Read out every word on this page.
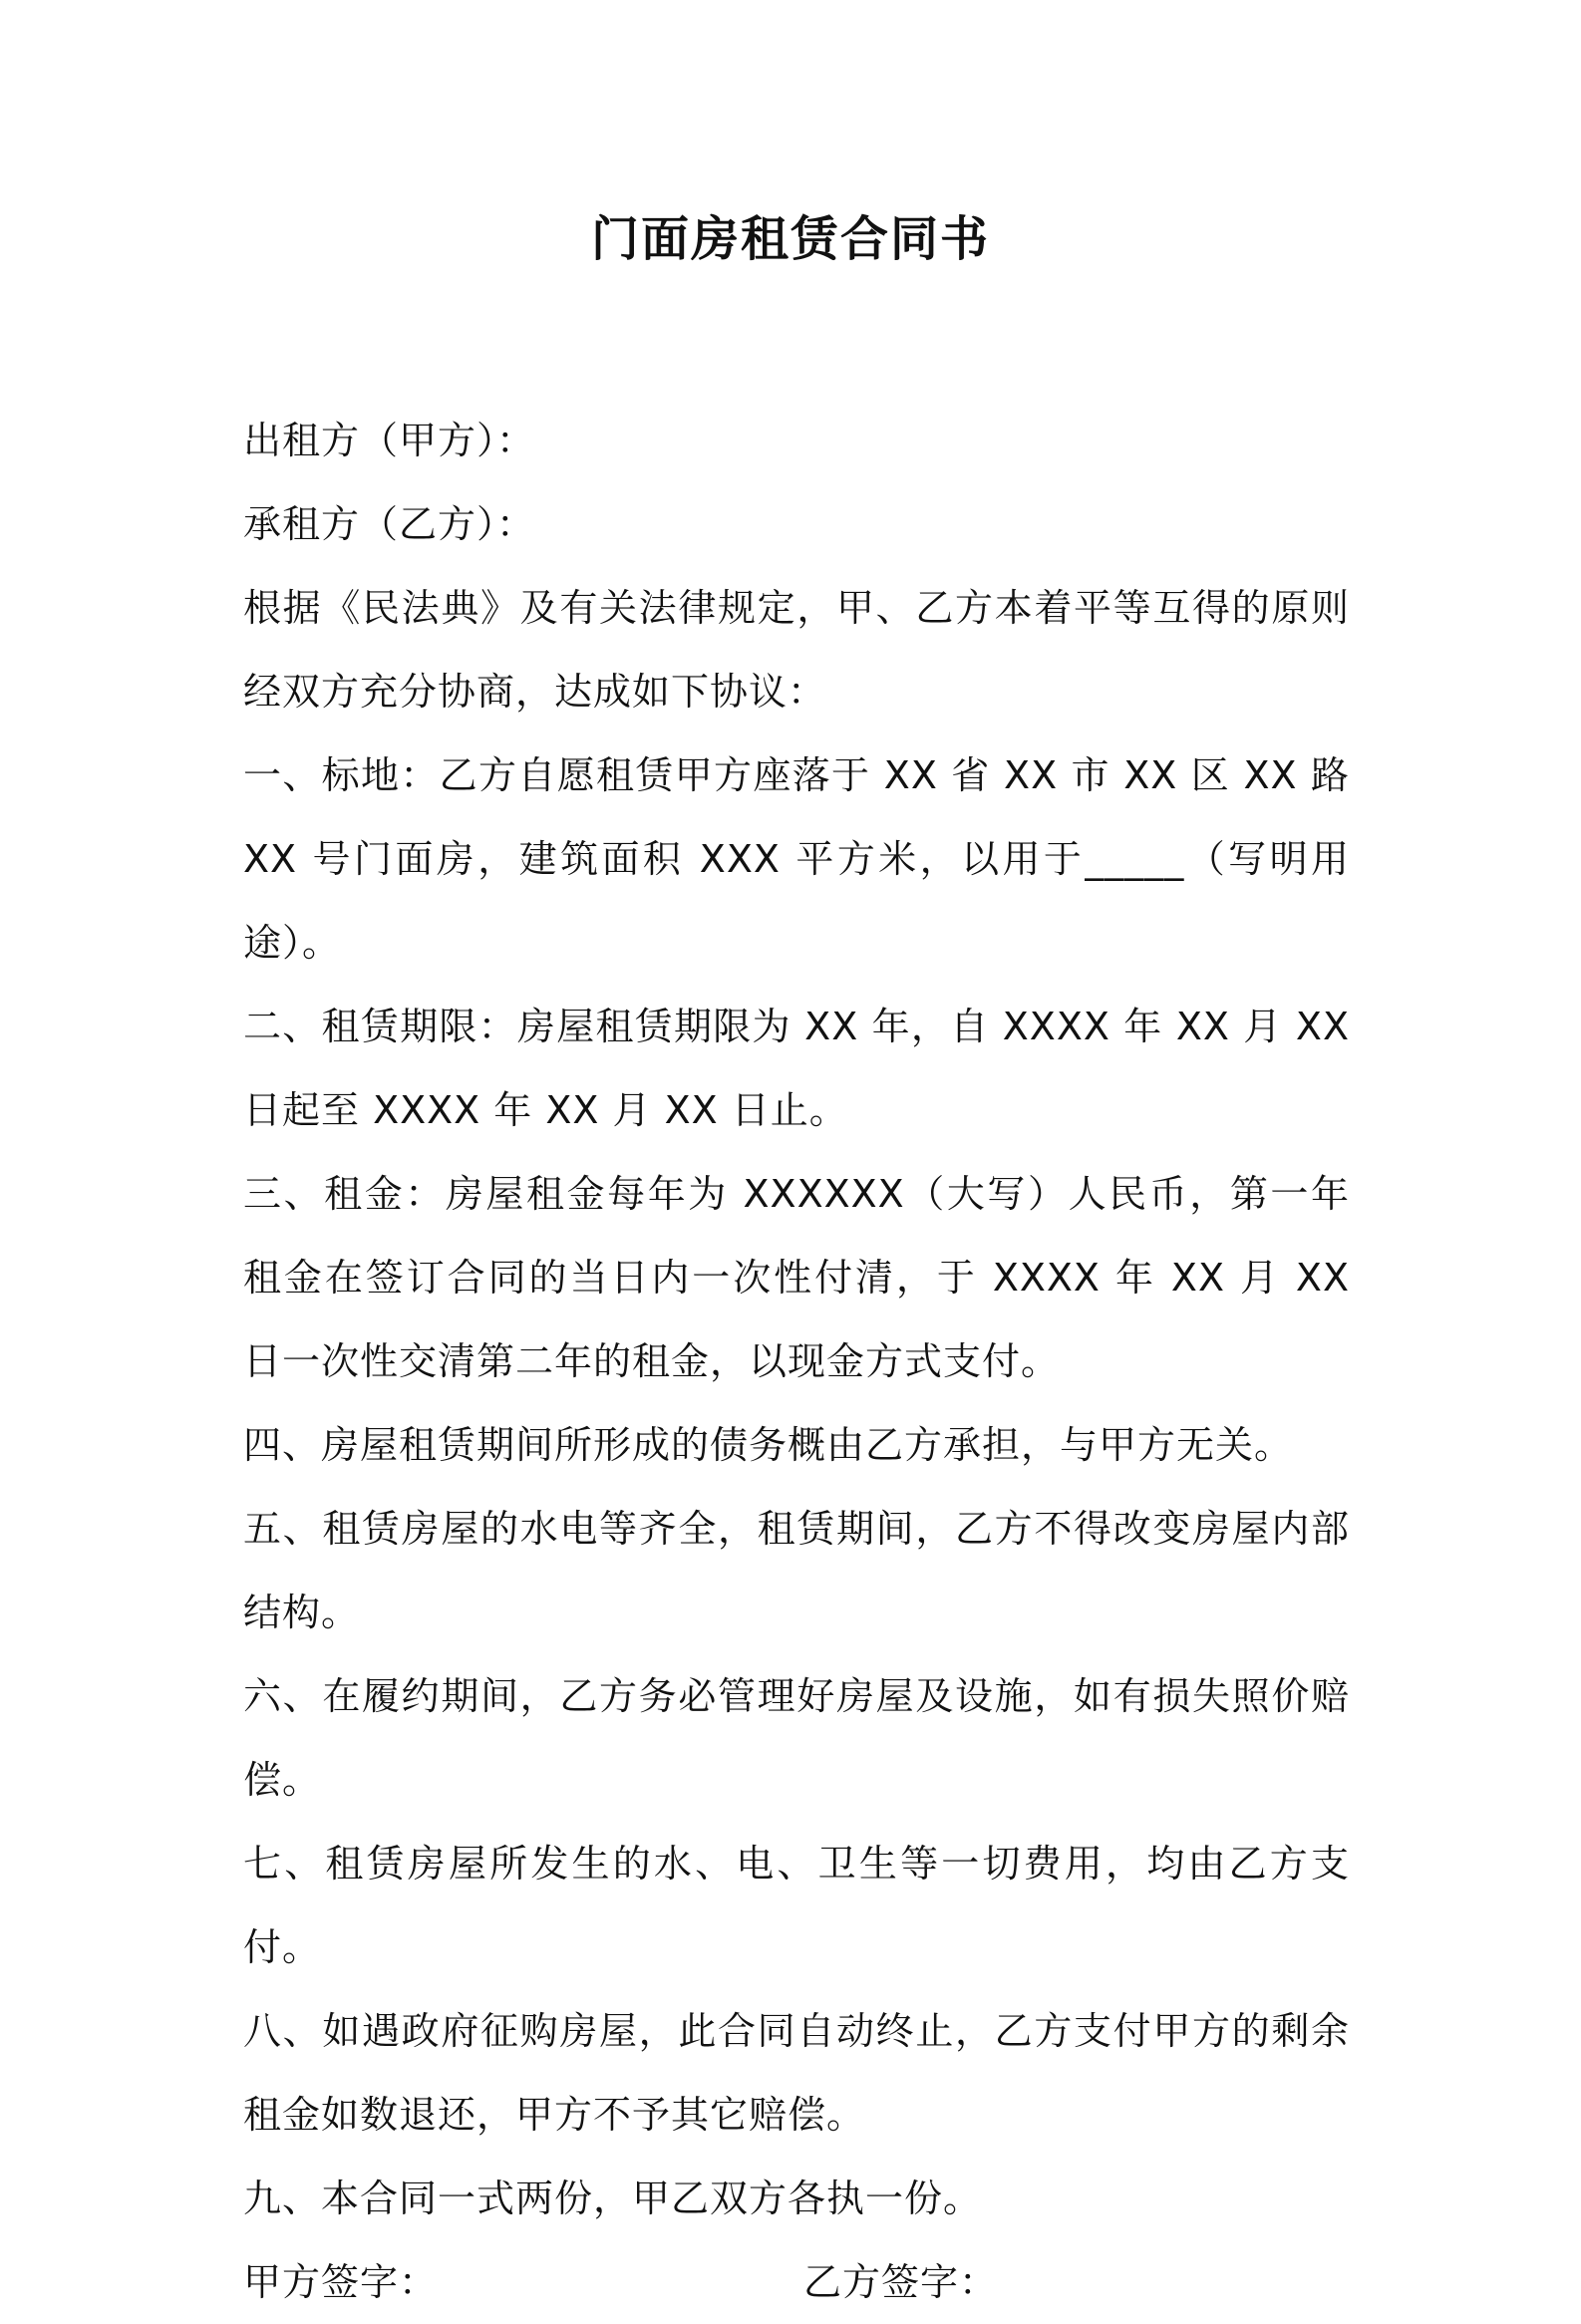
门面房租赁合同书

出租方（甲方）：

承租方（乙方）：

根据《民法典》及有关法律规定，甲、乙方本着平等互得的原则经双方充分协商，达成如下协议：

一、标地：乙方自愿租赁甲方座落于 XX 省 XX 市 XX 区 XX 路 XX 号门面房，建筑面积 XXX 平方米，以用于_____（写明用途）。

二、租赁期限：房屋租赁期限为 XX 年，自 XXXX 年 XX 月 XX 日起至 XXXX 年 XX 月 XX 日止。

三、租金：房屋租金每年为 XXXXXX（大写）人民币，第一年租金在签订合同的当日内一次性付清，于 XXXX 年 XX 月 XX 日一次性交清第二年的租金，以现金方式支付。

四、房屋租赁期间所形成的债务概由乙方承担，与甲方无关。

五、租赁房屋的水电等齐全，租赁期间，乙方不得改变房屋内部结构。

六、在履约期间，乙方务必管理好房屋及设施，如有损失照价赔偿。

七、租赁房屋所发生的水、电、卫生等一切费用，均由乙方支付。

八、如遇政府征购房屋，此合同自动终止，乙方支付甲方的剩余租金如数退还，甲方不予其它赔偿。

九、本合同一式两份，甲乙双方各执一份。

甲方签字：	乙方签字：
